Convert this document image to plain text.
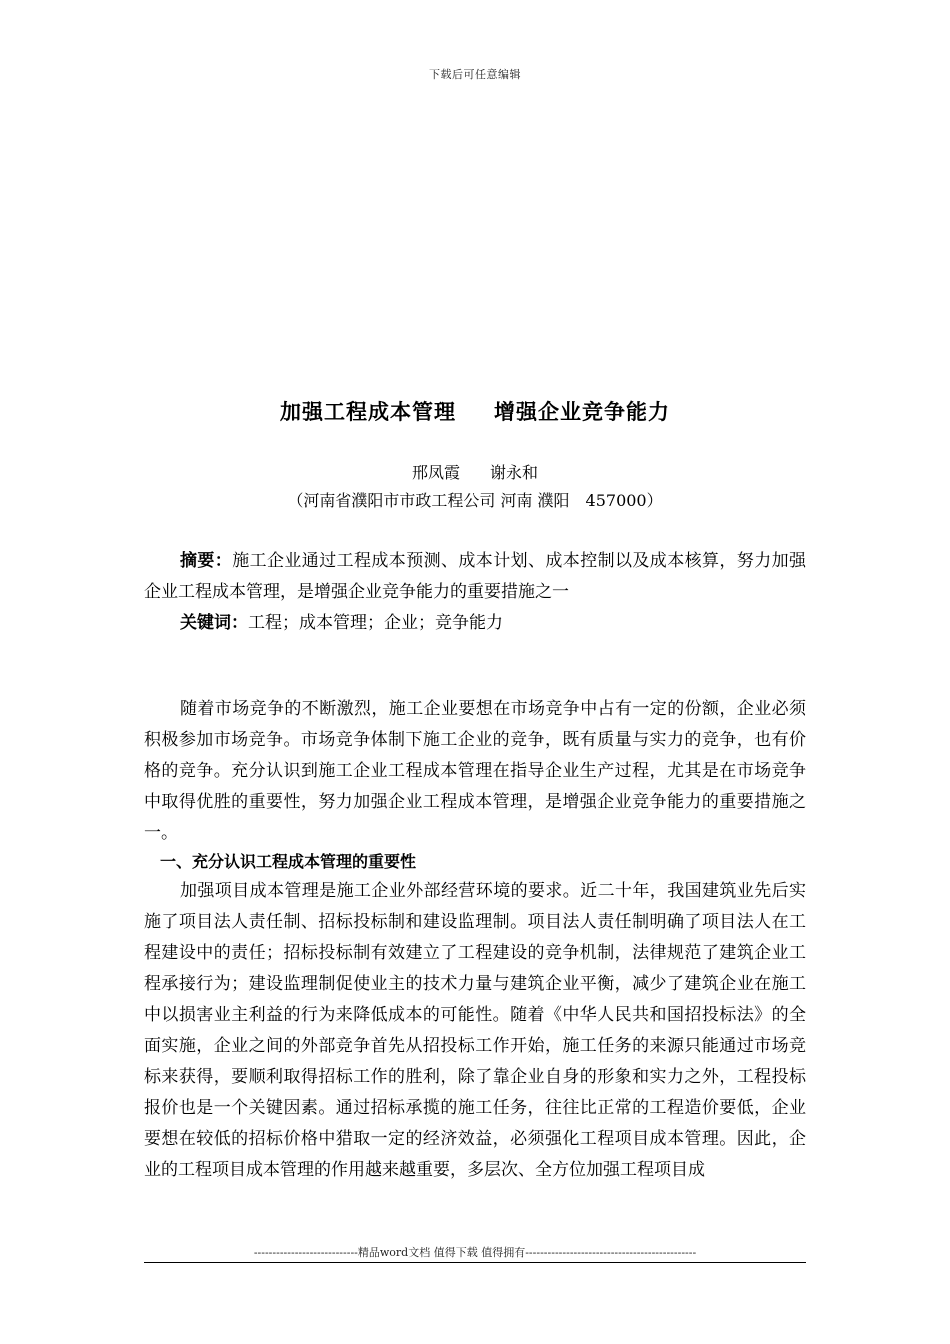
下载后可任意编辑
加强工程成本管理 增强企业竞争能力
邢凤霞 谢永和
（河南省濮阳市市政工程公司 河南 濮阳　457000）
摘要：施工企业通过工程成本预测、成本计划、成本控制以及成本核算，努力加强企业工程成本管理，是增强企业竞争能力的重要措施之一
关键词：工程；成本管理；企业；竞争能力
随着市场竞争的不断激烈，施工企业要想在市场竞争中占有一定的份额，企业必须积极参加市场竞争。市场竞争体制下施工企业的竞争，既有质量与实力的竞争，也有价格的竞争。充分认识到施工企业工程成本管理在指导企业生产过程，尤其是在市场竞争中取得优胜的重要性，努力加强企业工程成本管理，是增强企业竞争能力的重要措施之一。
一、充分认识工程成本管理的重要性
加强项目成本管理是施工企业外部经营环境的要求。近二十年，我国建筑业先后实施了项目法人责任制、招标投标制和建设监理制。项目法人责任制明确了项目法人在工程建设中的责任；招标投标制有效建立了工程建设的竞争机制，法律规范了建筑企业工程承接行为；建设监理制促使业主的技术力量与建筑企业平衡，减少了建筑企业在施工中以损害业主利益的行为来降低成本的可能性。随着《中华人民共和国招投标法》的全面实施，企业之间的外部竞争首先从招投标工作开始，施工任务的来源只能通过市场竞标来获得，要顺利取得招标工作的胜利，除了靠企业自身的形象和实力之外，工程投标报价也是一个关键因素。通过招标承揽的施工任务，往往比正常的工程造价要低，企业要想在较低的招标价格中猎取一定的经济效益，必须强化工程项目成本管理。因此，企业的工程项目成本管理的作用越来越重要，多层次、全方位加强工程项目成
----------------------------精品word文档 值得下载 值得拥有----------------------------------------------
